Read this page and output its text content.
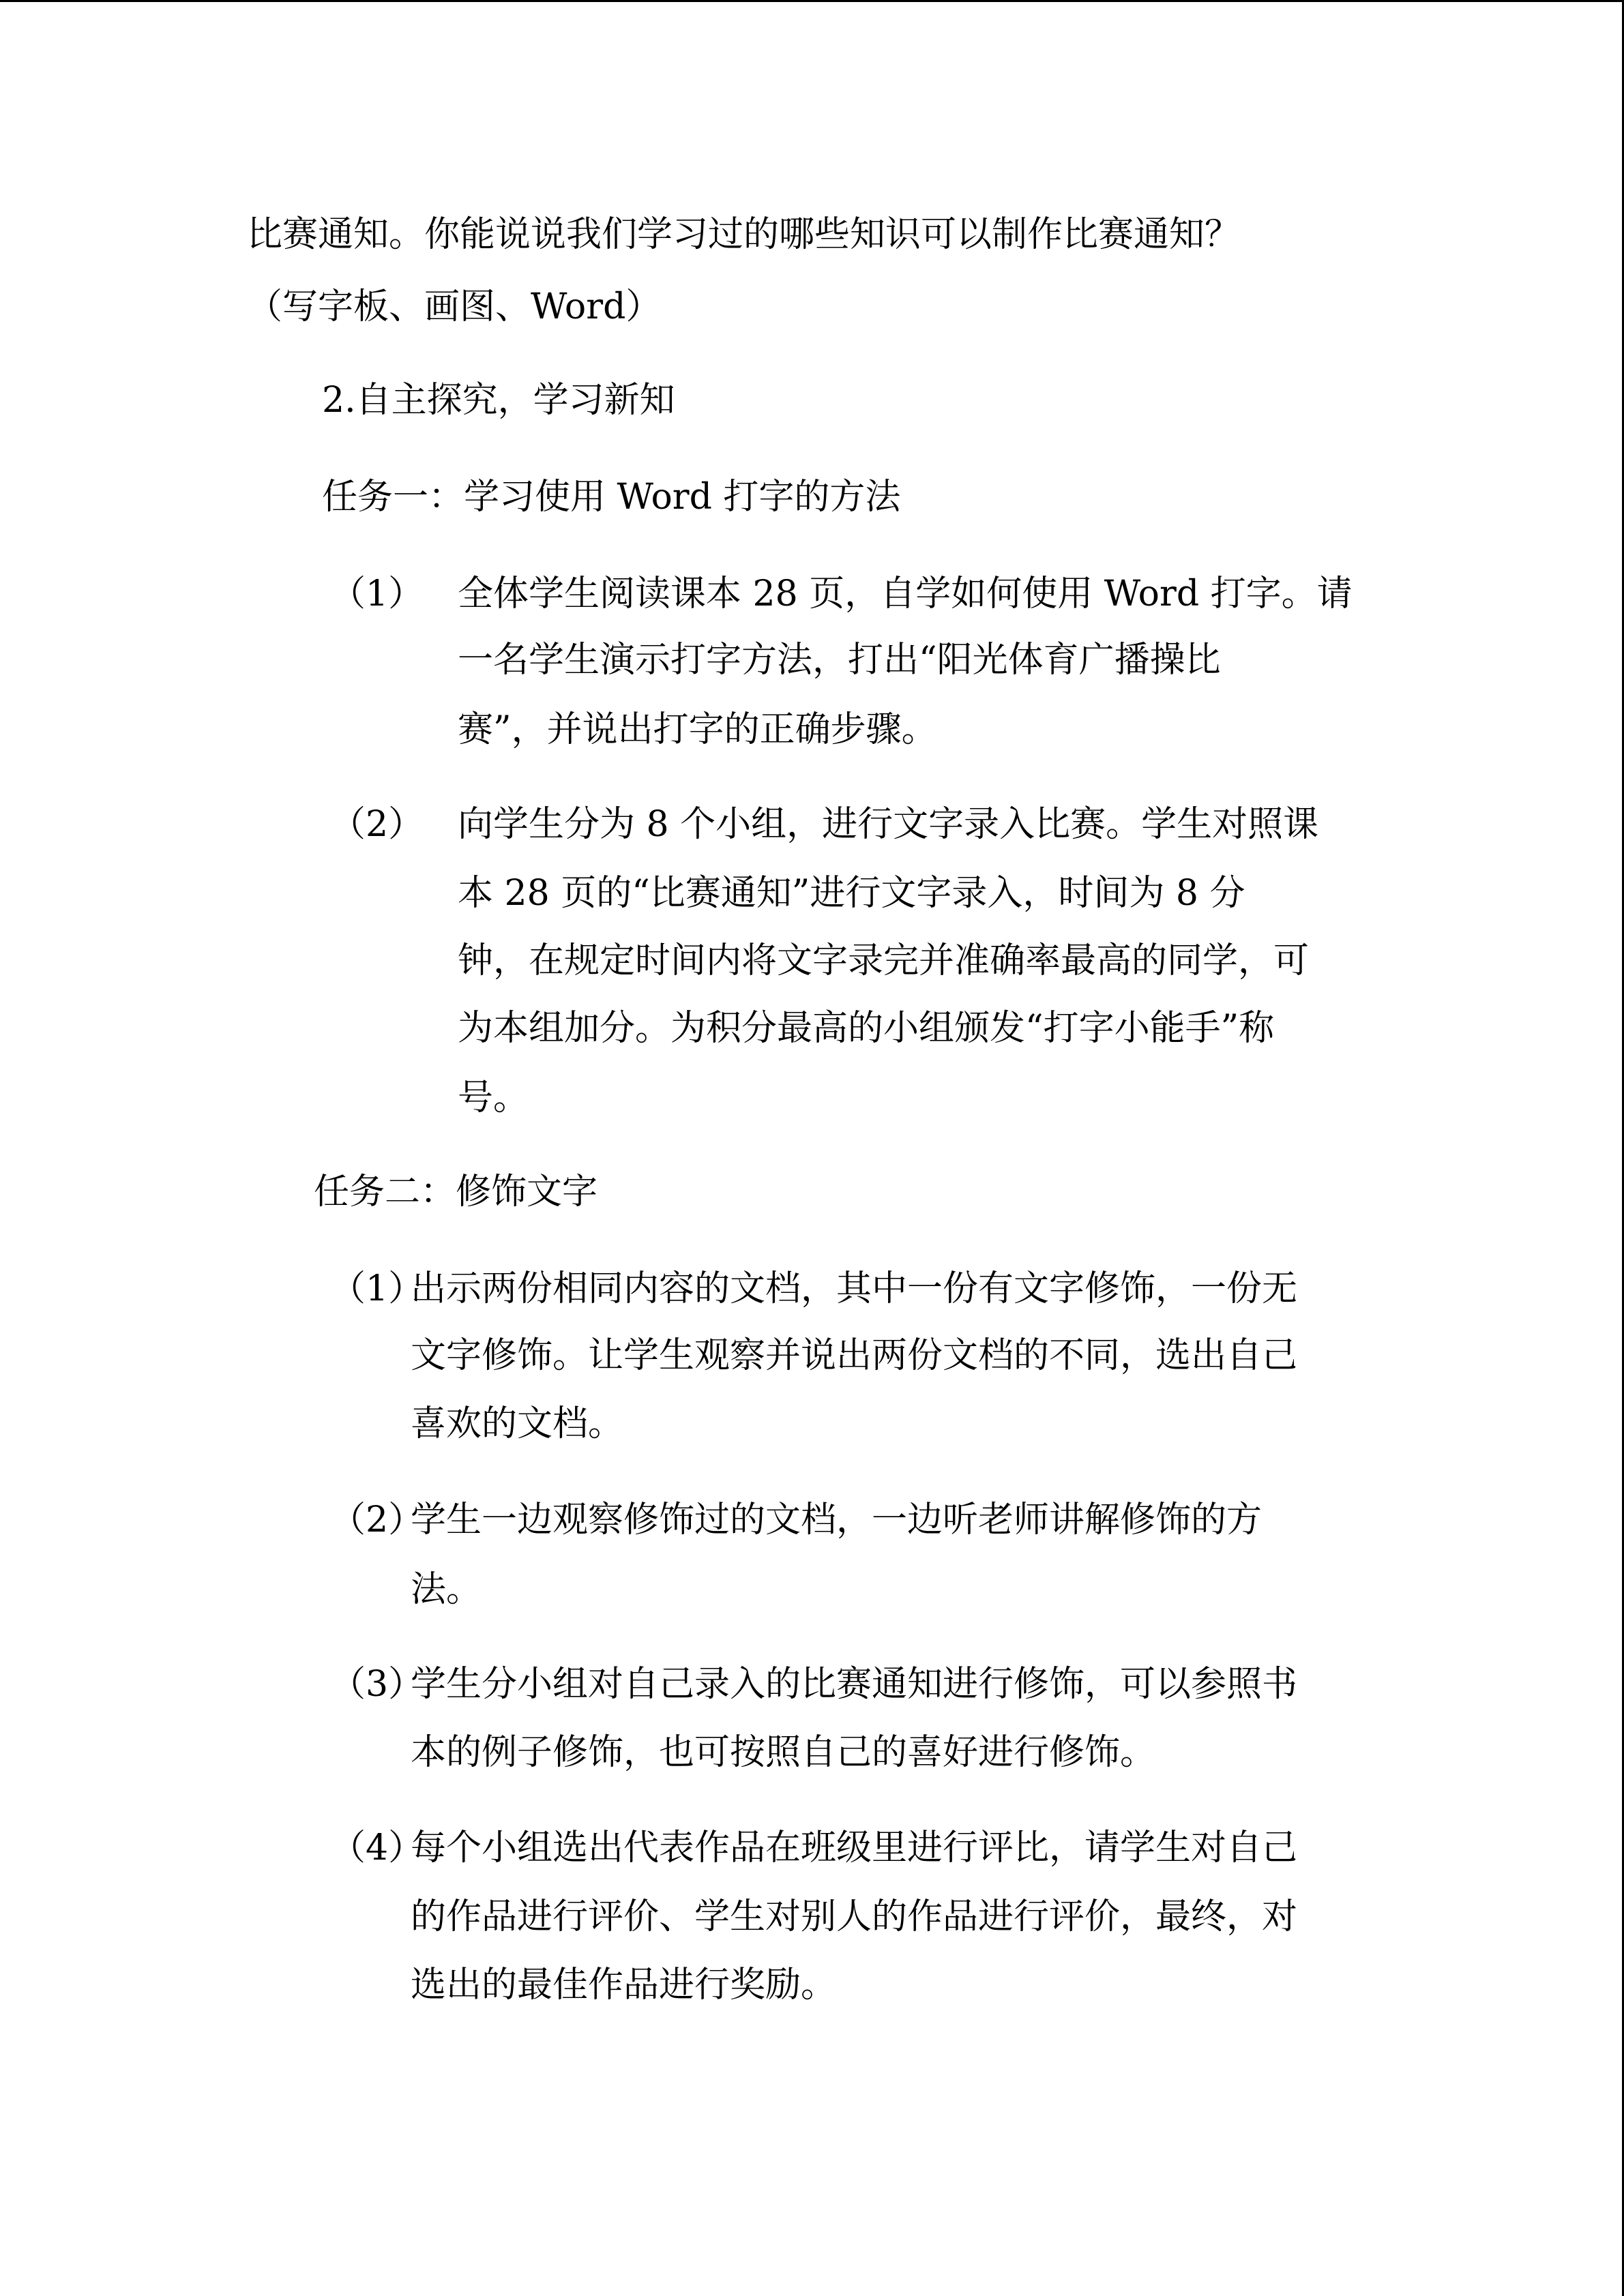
比赛通知。你能说说我们学习过的哪些知识可以制作比赛通知？
（写字板、画图、Word）
2.自主探究，学习新知
任务一：学习使用 Word 打字的方法
（1） 全体学生阅读课本 28 页，自学如何使用 Word 打字。请
一名学生演示打字方法，打出“阳光体育广播操比
赛”，并说出打字的正确步骤。
（2） 向学生分为 8 个小组，进行文字录入比赛。学生对照课
本 28 页的“比赛通知”进行文字录入，时间为 8 分
钟，在规定时间内将文字录完并准确率最高的同学，可
为本组加分。为积分最高的小组颁发“打字小能手”称
号。
任务二：修饰文字
（1）
出示两份相同内容的文档，其中一份有文字修饰，一份无
文字修饰。让学生观察并说出两份文档的不同，选出自己
喜欢的文档。
（2）
学生一边观察修饰过的文档，一边听老师讲解修饰的方
法。
（3）
学生分小组对自己录入的比赛通知进行修饰，可以参照书
本的例子修饰，也可按照自己的喜好进行修饰。
（4）
每个小组选出代表作品在班级里进行评比，请学生对自己
的作品进行评价、学生对别人的作品进行评价，最终，对
选出的最佳作品进行奖励。
